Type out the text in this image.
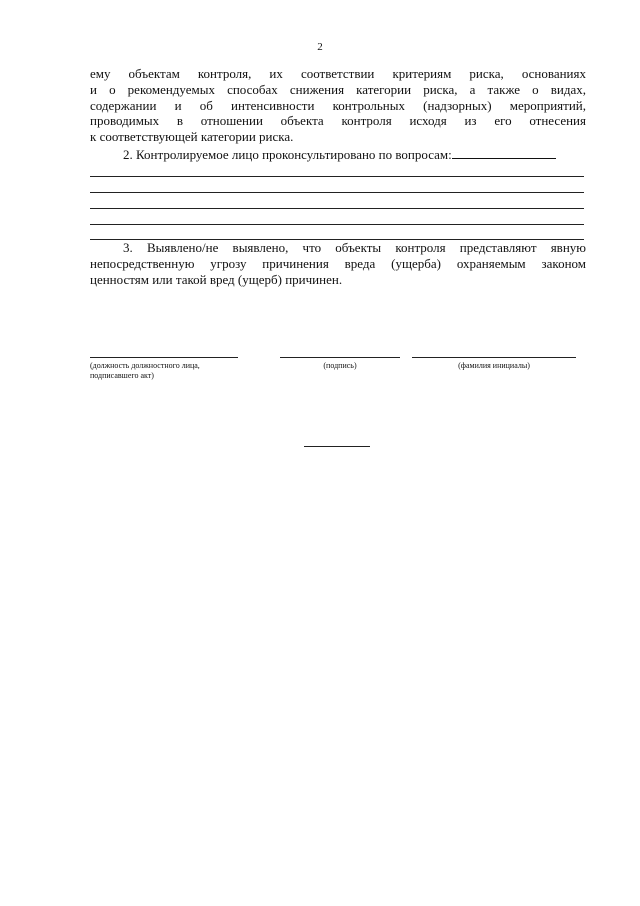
2
ему объектам контроля, их соответствии критериям риска, основаниях
и о рекомендуемых способах снижения категории риска, а также о видах,
содержании и об интенсивности контрольных (надзорных) мероприятий,
проводимых в отношении объекта контроля исходя из его отнесения
к соответствующей категории риска.
2. Контролируемое лицо проконсультировано по вопросам:
3. Выявлено/не выявлено, что объекты контроля представляют явную
непосредственную угрозу причинения вреда (ущерба) охраняемым законом
ценностям или такой вред (ущерб) причинен.
(должность должностного лица,
подписавшего акт)
(подпись)	(фамилия инициалы)
